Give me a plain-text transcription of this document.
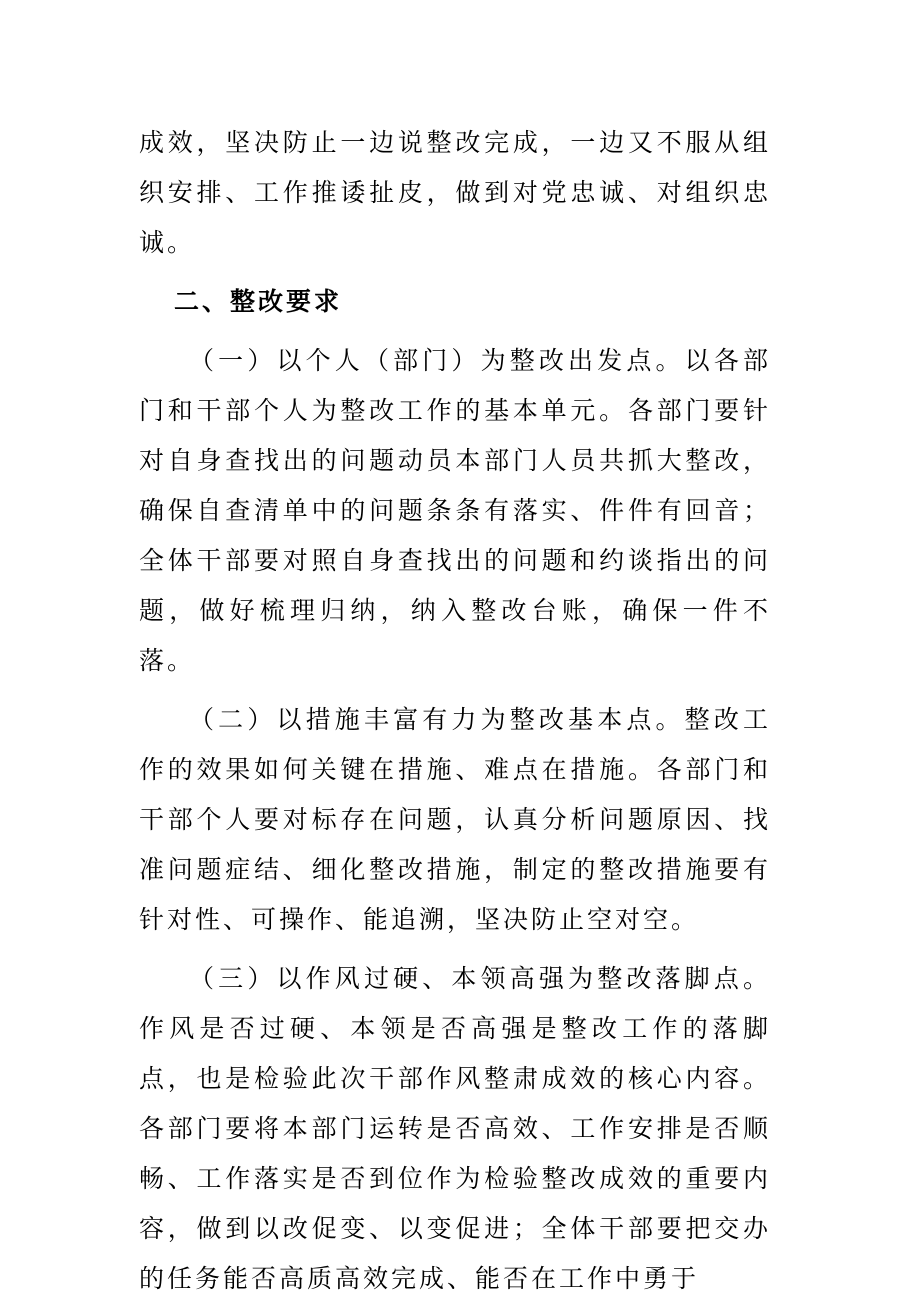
成效，坚决防止一边说整改完成，一边又不服从组织安排、工作推诿扯皮，做到对党忠诚、对组织忠诚。

二、整改要求

（一）以个人（部门）为整改出发点。以各部门和干部个人为整改工作的基本单元。各部门要针对自身查找出的问题动员本部门人员共抓大整改，确保自查清单中的问题条条有落实、件件有回音；全体干部要对照自身查找出的问题和约谈指出的问题，做好梳理归纳，纳入整改台账，确保一件不落。

（二）以措施丰富有力为整改基本点。整改工作的效果如何关键在措施、难点在措施。各部门和干部个人要对标存在问题，认真分析问题原因、找准问题症结、细化整改措施，制定的整改措施要有针对性、可操作、能追溯，坚决防止空对空。

（三）以作风过硬、本领高强为整改落脚点。作风是否过硬、本领是否高强是整改工作的落脚点，也是检验此次干部作风整肃成效的核心内容。各部门要将本部门运转是否高效、工作安排是否顺畅、工作落实是否到位作为检验整改成效的重要内容，做到以改促变、以变促进；全体干部要把交办的任务能否高质高效完成、能否在工作中勇于
